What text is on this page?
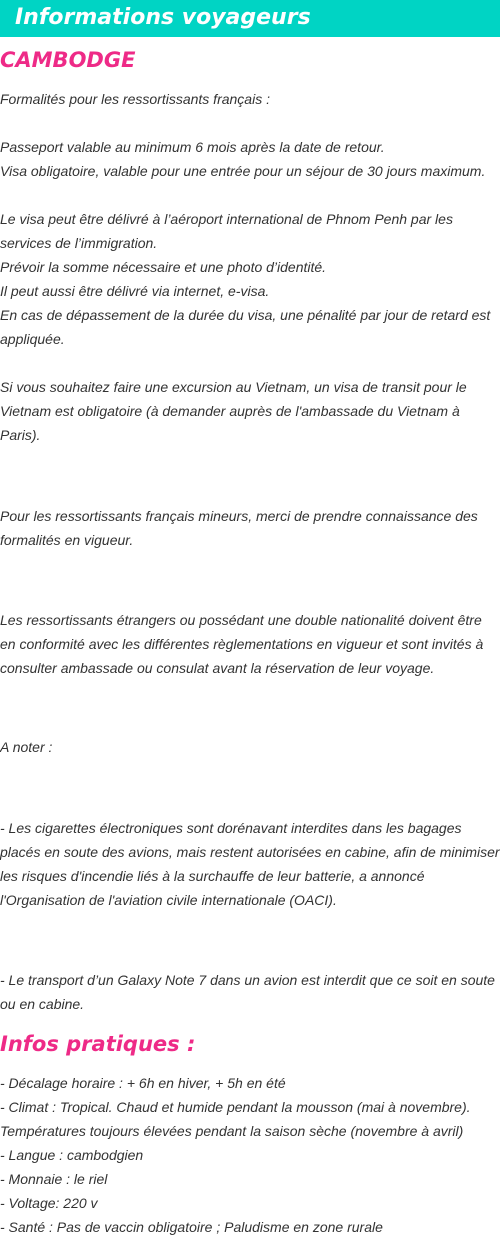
Informations voyageurs
CAMBODGE

Formalités pour les ressortissants français :

Passeport valable au minimum 6 mois après la date de retour.
Visa obligatoire, valable pour une entrée pour un séjour de 30 jours maximum.

Le visa peut être délivré à l’aéroport international de Phnom Penh par les
services de l’immigration.
Prévoir la somme nécessaire et une photo d’identité.
Il peut aussi être délivré via internet, e-visa.
En cas de dépassement de la durée du visa, une pénalité par jour de retard est
appliquée.

Si vous souhaitez faire une excursion au Vietnam, un visa de transit pour le
Vietnam est obligatoire (à demander auprès de l'ambassade du Vietnam à
Paris).

Pour les ressortissants français mineurs, merci de prendre connaissance des
formalités en vigueur.

Les ressortissants étrangers ou possédant une double nationalité doivent être
en conformité avec les différentes règlementations en vigueur et sont invités à
consulter ambassade ou consulat avant la réservation de leur voyage.

A noter :

- Les cigarettes électroniques sont dorénavant interdites dans les bagages
placés en soute des avions, mais restent autorisées en cabine, afin de minimiser
les risques d'incendie liés à la surchauffe de leur batterie, a annoncé
l'Organisation de l'aviation civile internationale (OACI).

- Le transport d’un Galaxy Note 7 dans un avion est interdit que ce soit en soute
ou en cabine.

Infos pratiques :

- Décalage horaire : + 6h en hiver, + 5h en été
- Climat : Tropical. Chaud et humide pendant la mousson (mai à novembre).
Températures toujours élevées pendant la saison sèche (novembre à avril)
- Langue : cambodgien
- Monnaie : le riel
- Voltage: 220 v
- Santé : Pas de vaccin obligatoire ; Paludisme en zone rurale
